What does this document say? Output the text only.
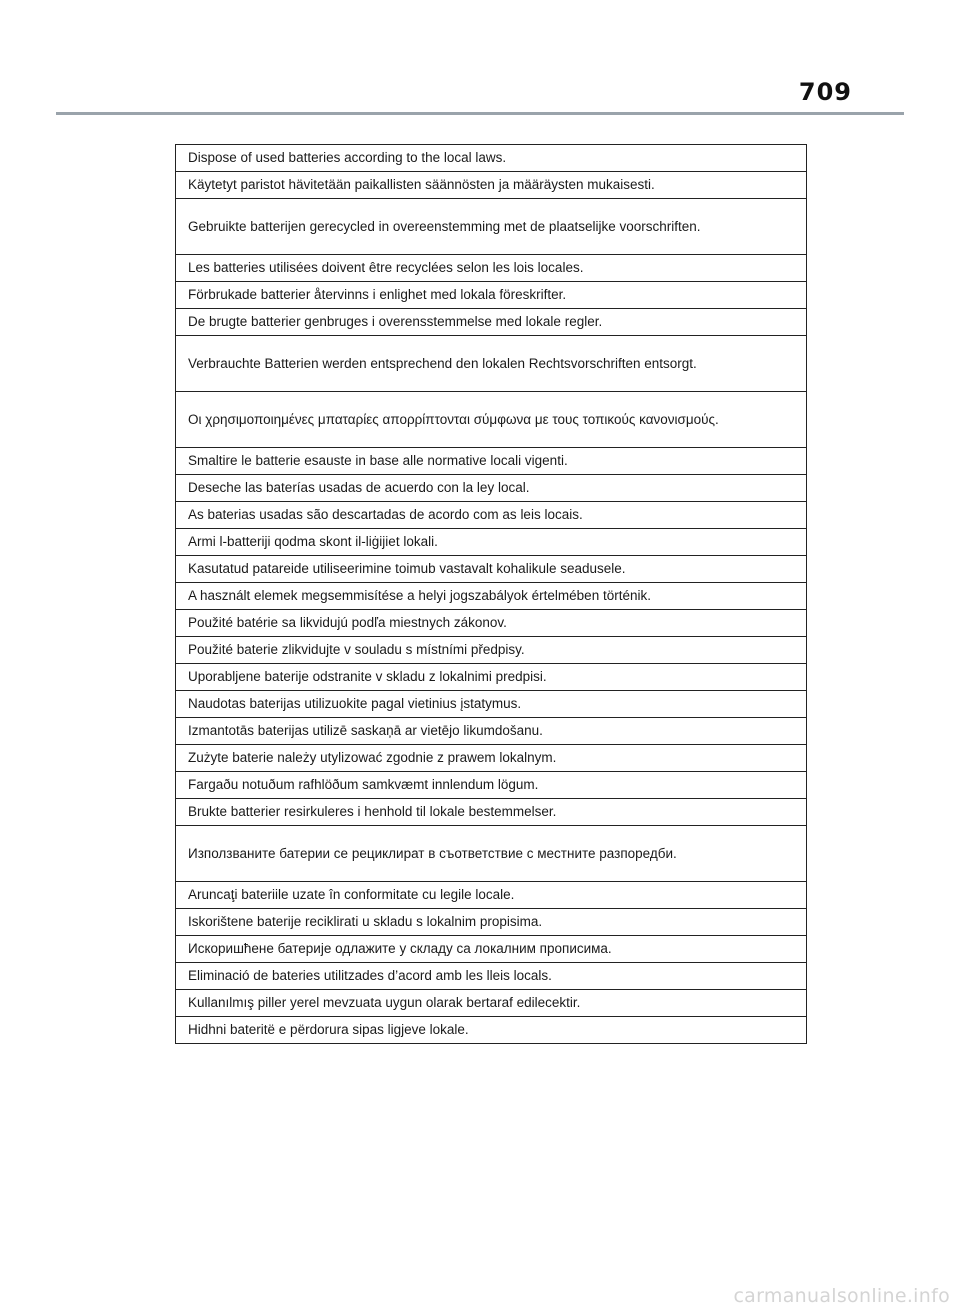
709
Dispose of used batteries according to the local laws.
Käytetyt paristot hävitetään paikallisten säännösten ja määräysten mukaisesti.
Gebruikte batterijen gerecycled in overeenstemming met de plaatselijke voorschriften.
Les batteries utilisées doivent être recyclées selon les lois locales.
Förbrukade batterier återvinns i enlighet med lokala föreskrifter.
De brugte batterier genbruges i overensstemmelse med lokale regler.
Verbrauchte Batterien werden entsprechend den lokalen Rechtsvorschriften entsorgt.
Οι χρησιμοποιημένες μπαταρίες απορρίπτονται σύμφωνα με τους τοπικούς κανονισμούς.
Smaltire le batterie esauste in base alle normative locali vigenti.
Deseche las baterías usadas de acuerdo con la ley local.
As baterias usadas são descartadas de acordo com as leis locais.
Armi l-batteriji qodma skont il-liġijiet lokali.
Kasutatud patareide utiliseerimine toimub vastavalt kohalikule seadusele.
A használt elemek megsemmisítése a helyi jogszabályok értelmében történik.
Použité batérie sa likvidujú podľa miestnych zákonov.
Použité baterie zlikvidujte v souladu s místními předpisy.
Uporabljene baterije odstranite v skladu z lokalnimi predpisi.
Naudotas baterijas utilizuokite pagal vietinius įstatymus.
Izmantotās baterijas utilizē saskaņā ar vietējo likumdošanu.
Zużyte baterie należy utylizować zgodnie z prawem lokalnym.
Fargaðu notuðum rafhlöðum samkvæmt innlendum lögum.
Brukte batterier resirkuleres i henhold til lokale bestemmelser.
Използваните батерии се рециклират в съответствие с местните разпоредби.
Aruncaţi bateriile uzate în conformitate cu legile locale.
Iskorištene baterije reciklirati u skladu s lokalnim propisima.
Искоришћене батерије одлажите у складу са локалним прописима.
Eliminació de bateries utilitzades d’acord amb les lleis locals.
Kullanılmış piller yerel mevzuata uygun olarak bertaraf edilecektir.
Hidhni bateritë e përdorura sipas ligjeve lokale.
carmanualsonline.info
